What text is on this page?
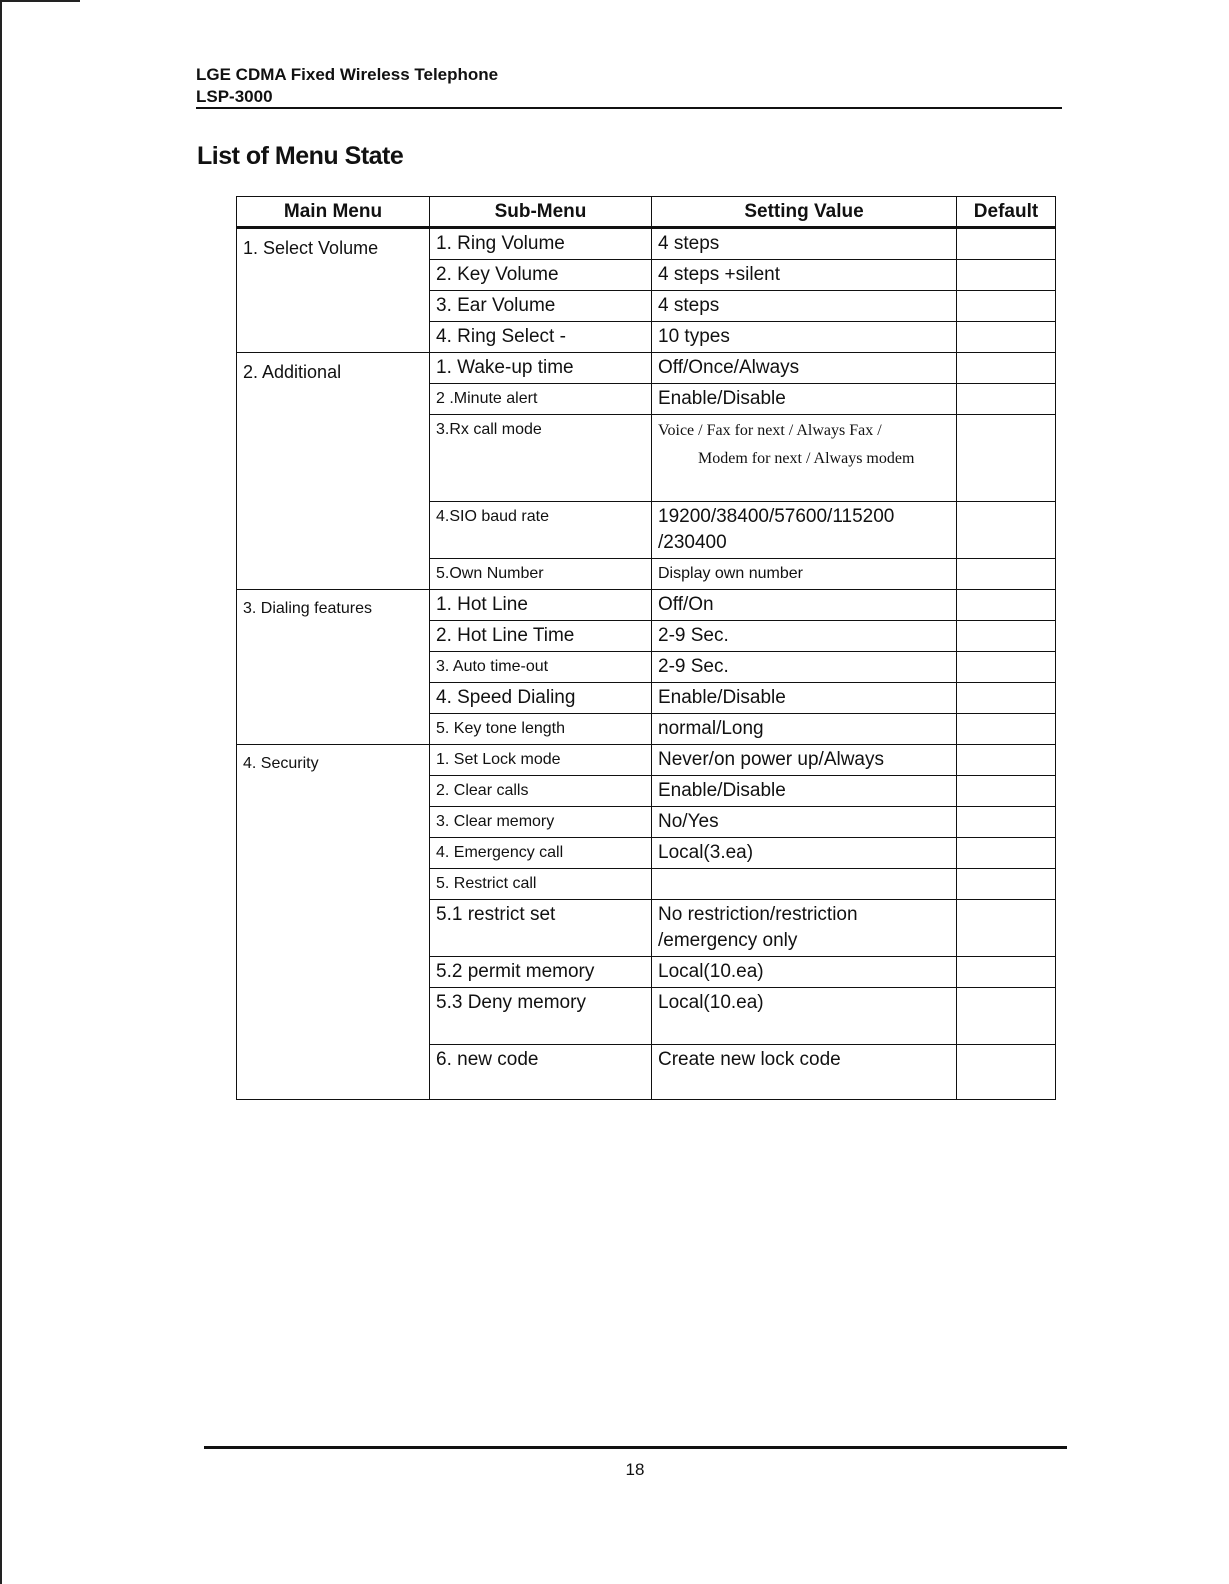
LGE CDMA Fixed Wireless Telephone
LSP-3000
List of Menu State
Main Menu	Sub-Menu	Setting Value	Default
1. Select Volume	1. Ring Volume	4 steps	
	2. Key Volume	4 steps +silent	
	3. Ear Volume	4 steps	
	4. Ring Select -	10 types	
2. Additional	1. Wake-up time	Off/Once/Always	
	2 .Minute alert	Enable/Disable	
	3.Rx call mode	Voice / Fax for next / Always Fax /
Modem for next / Always modem	

	4.SIO baud rate	19200/38400/57600/115200
/230400	

	5.Own Number	Display own number	
3. Dialing features	1. Hot Line	Off/On	
	2. Hot Line Time	2-9 Sec.	
	3. Auto time-out	2-9 Sec.	
	4. Speed Dialing	Enable/Disable	
	5. Key tone length	normal/Long	
4. Security	1. Set Lock mode	Never/on power up/Always	
	2. Clear calls	Enable/Disable	
	3. Clear memory	No/Yes	
	4. Emergency call	Local(3.ea)	
	5. Restrict call		
	5.1 restrict set	No restriction/restriction
/emergency only	

	5.2 permit memory	Local(10.ea)	
	5.3 Deny memory	Local(10.ea)	
	6. new code	Create new lock code	
18
